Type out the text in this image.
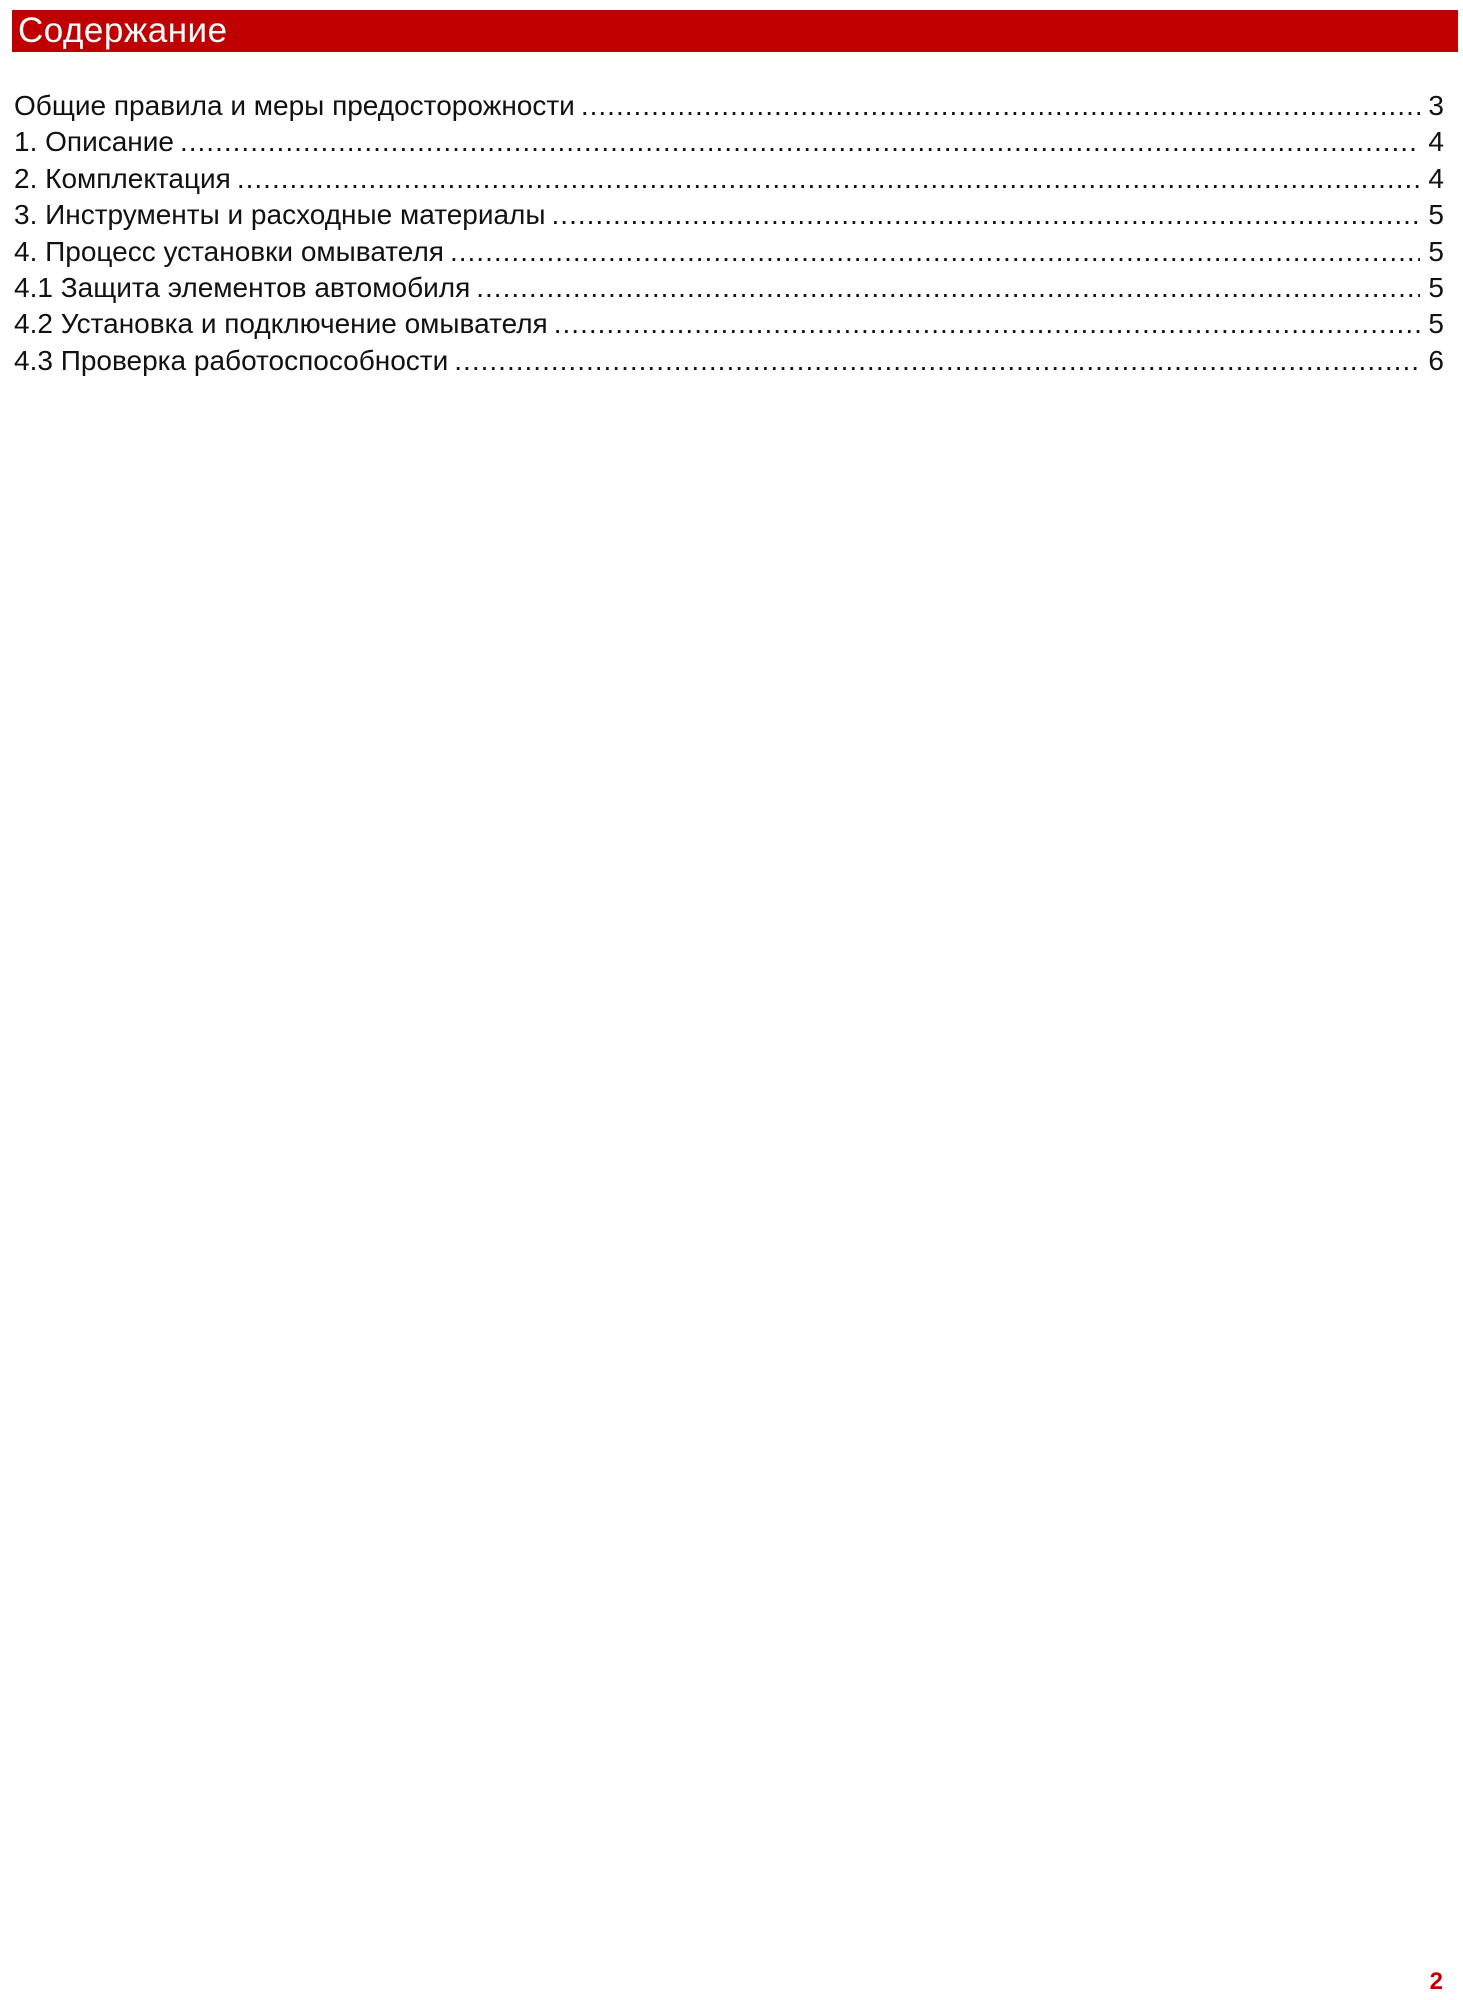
Содержание
Общие правила и меры предосторожности .....	3
1. Описание .....	4
2. Комплектация .....	4
3. Инструменты и расходные материалы .....	5
4. Процесс установки омывателя .....	5
4.1 Защита элементов автомобиля .....	5
4.2 Установка и подключение омывателя .....	5
4.3 Проверка работоспособности .....	6
2
